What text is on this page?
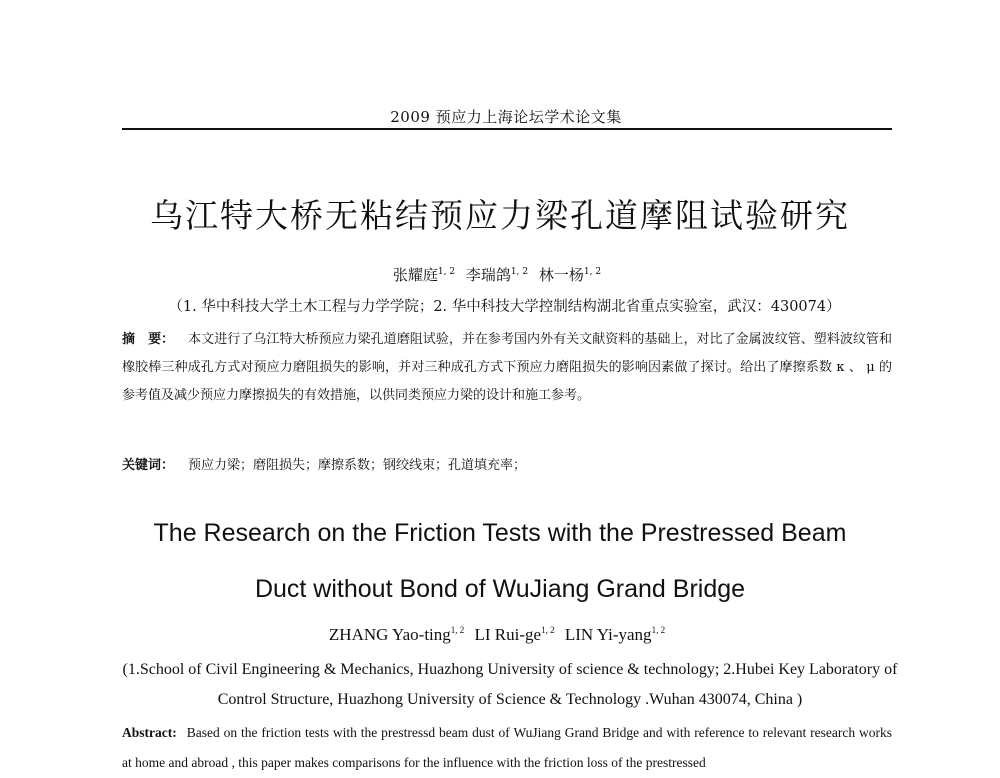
2009 预应力上海论坛学术论文集
乌江特大桥无粘结预应力梁孔道摩阻试验研究
张耀庭$^{1, 2}$ 李瑞鸽$^{1, 2}$ 林一杨$^{1, 2}$
（1. 华中科技大学土木工程与力学学院；2. 华中科技大学控制结构湖北省重点实验室，武汉：430074）
摘　要： 本文进行了乌江特大桥预应力梁孔道磨阻试验，并在参考国内外有关文献资料的基础上，对比了金属波纹管、塑料波纹管和橡胶棒三种成孔方式对预应力磨阻损失的影响，并对三种成孔方式下预应力磨阻损失的影响因素做了探讨。给出了摩擦系数 κ 、 μ 的参考值及减少预应力摩擦损失的有效措施，以供同类预应力梁的设计和施工参考。
关键词： 预应力梁；磨阻损失；摩擦系数；钢绞线束；孔道填充率；
The Research on the Friction Tests with the Prestressed Beam
Duct without Bond of WuJiang Grand Bridge
ZHANG Yao-ting$^{1, 2}$ LI Rui-ge$^{1, 2}$ LIN Yi-yang$^{1, 2}$
(1.School of Civil Engineering & Mechanics, Huazhong University of science & technology; 2.Hubei Key Laboratory of Control Structure, Huazhong University of Science & Technology .Wuhan 430074, China )
Abstract: Based on the friction tests with the prestressd beam dust of WuJiang Grand Bridge and with reference to relevant research works at home and abroad , this paper makes comparisons for the influence with the friction loss of the prestressed
